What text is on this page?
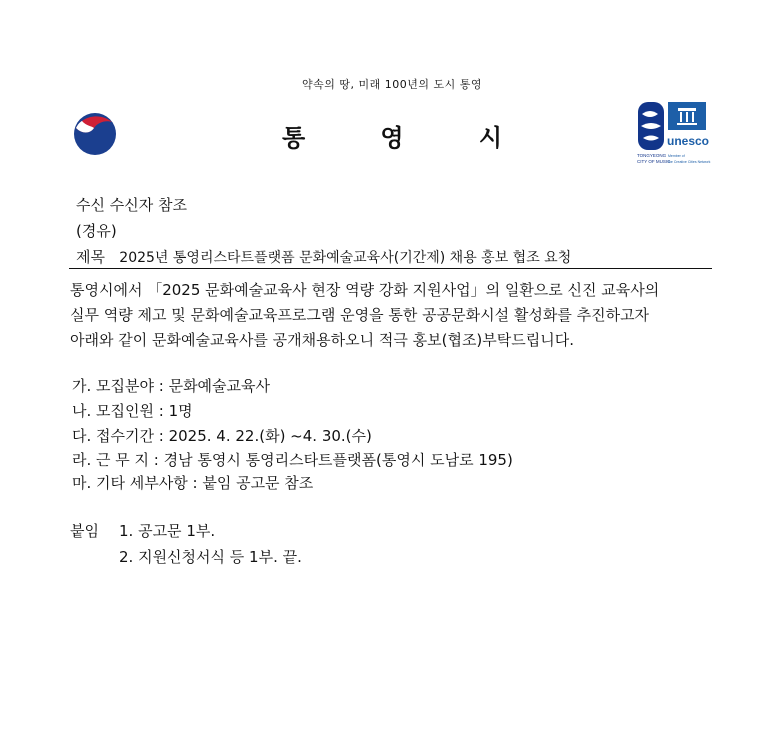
약속의 땅, 미래 100년의 도시 통영
통	영	시	unesco
TONGYEONG
CITY OF MUSIC
Member of
the Creative Cities Network
수신 수신자 참조
(경유)
제목 2025년 통영리스타트플랫폼 문화예술교육사(기간제) 채용 홍보 협조 요청
통영시에서 「2025 문화예술교육사 현장 역량 강화 지원사업」의 일환으로 신진 교육사의
실무 역량 제고 및 문화예술교육프로그램 운영을 통한 공공문화시설 활성화를 추진하고자
아래와 같이 문화예술교육사를 공개채용하오니 적극 홍보(협조)부탁드립니다.
가. 모집분야 : 문화예술교육사
나. 모집인원 : 1명
다. 접수기간 : 2025. 4. 22.(화) ~4. 30.(수)
라. 근 무 지 : 경남 통영시 통영리스타트플랫폼(통영시 도남로 195)
마. 기타 세부사항 : 붙임 공고문 참조
붙임 1. 공고문 1부.
2. 지원신청서식 등 1부. 끝.
